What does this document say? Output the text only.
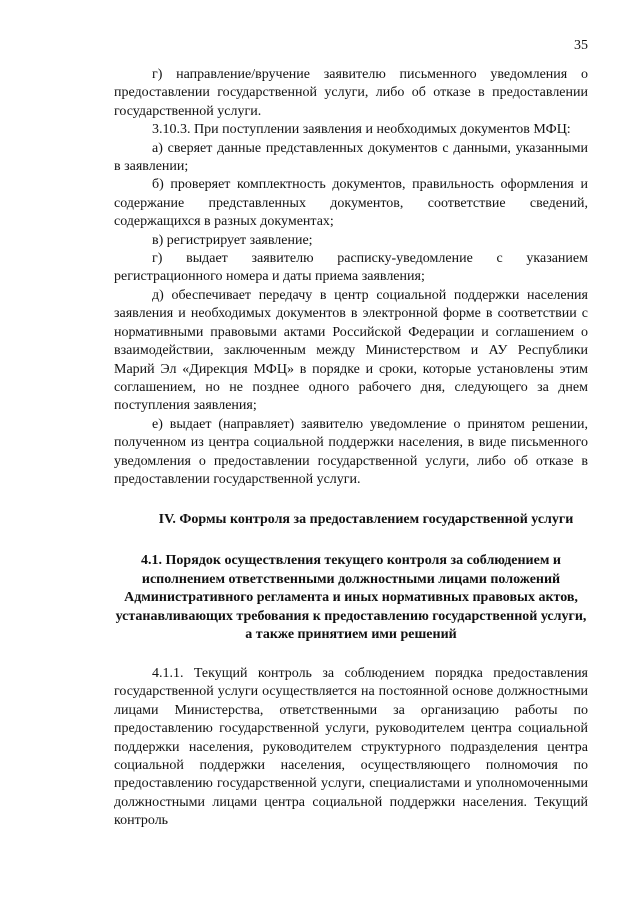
35

г) направление/вручение заявителю письменного уведомления о предоставлении государственной услуги, либо об отказе в предоставлении государственной услуги.

3.10.3. При поступлении заявления и необходимых документов МФЦ:

а) сверяет данные представленных документов с данными, указанными в заявлении;

б) проверяет комплектность документов, правильность оформления и содержание представленных документов, соответствие сведений, содержащихся в разных документах;

в) регистрирует заявление;

г) выдает заявителю расписку-уведомление с указанием регистрационного номера и даты приема заявления;

д) обеспечивает передачу в центр социальной поддержки населения заявления и необходимых документов в электронной форме в соответствии с нормативными правовыми актами Российской Федерации и соглашением о взаимодействии, заключенным между Министерством и АУ Республики Марий Эл «Дирекция МФЦ» в порядке и сроки, которые установлены этим соглашением, но не позднее одного рабочего дня, следующего за днем поступления заявления;

е) выдает (направляет) заявителю уведомление о принятом решении, полученном из центра социальной поддержки населения, в виде письменного уведомления о предоставлении государственной услуги, либо об отказе в предоставлении государственной услуги.

IV. Формы контроля за предоставлением государственной услуги
4.1. Порядок осуществления текущего контроля за соблюдением и исполнением ответственными должностными лицами положений Административного регламента и иных нормативных правовых актов, устанавливающих требования к предоставлению государственной услуги, а также принятием ими решений

4.1.1. Текущий контроль за соблюдением порядка предоставления государственной услуги осуществляется на постоянной основе должностными лицами Министерства, ответственными за организацию работы по предоставлению государственной услуги, руководителем центра социальной поддержки населения, руководителем структурного подразделения центра социальной поддержки населения, осуществляющего полномочия по предоставлению государственной услуги, специалистами и уполномоченными должностными лицами центра социальной поддержки населения. Текущий контроль
